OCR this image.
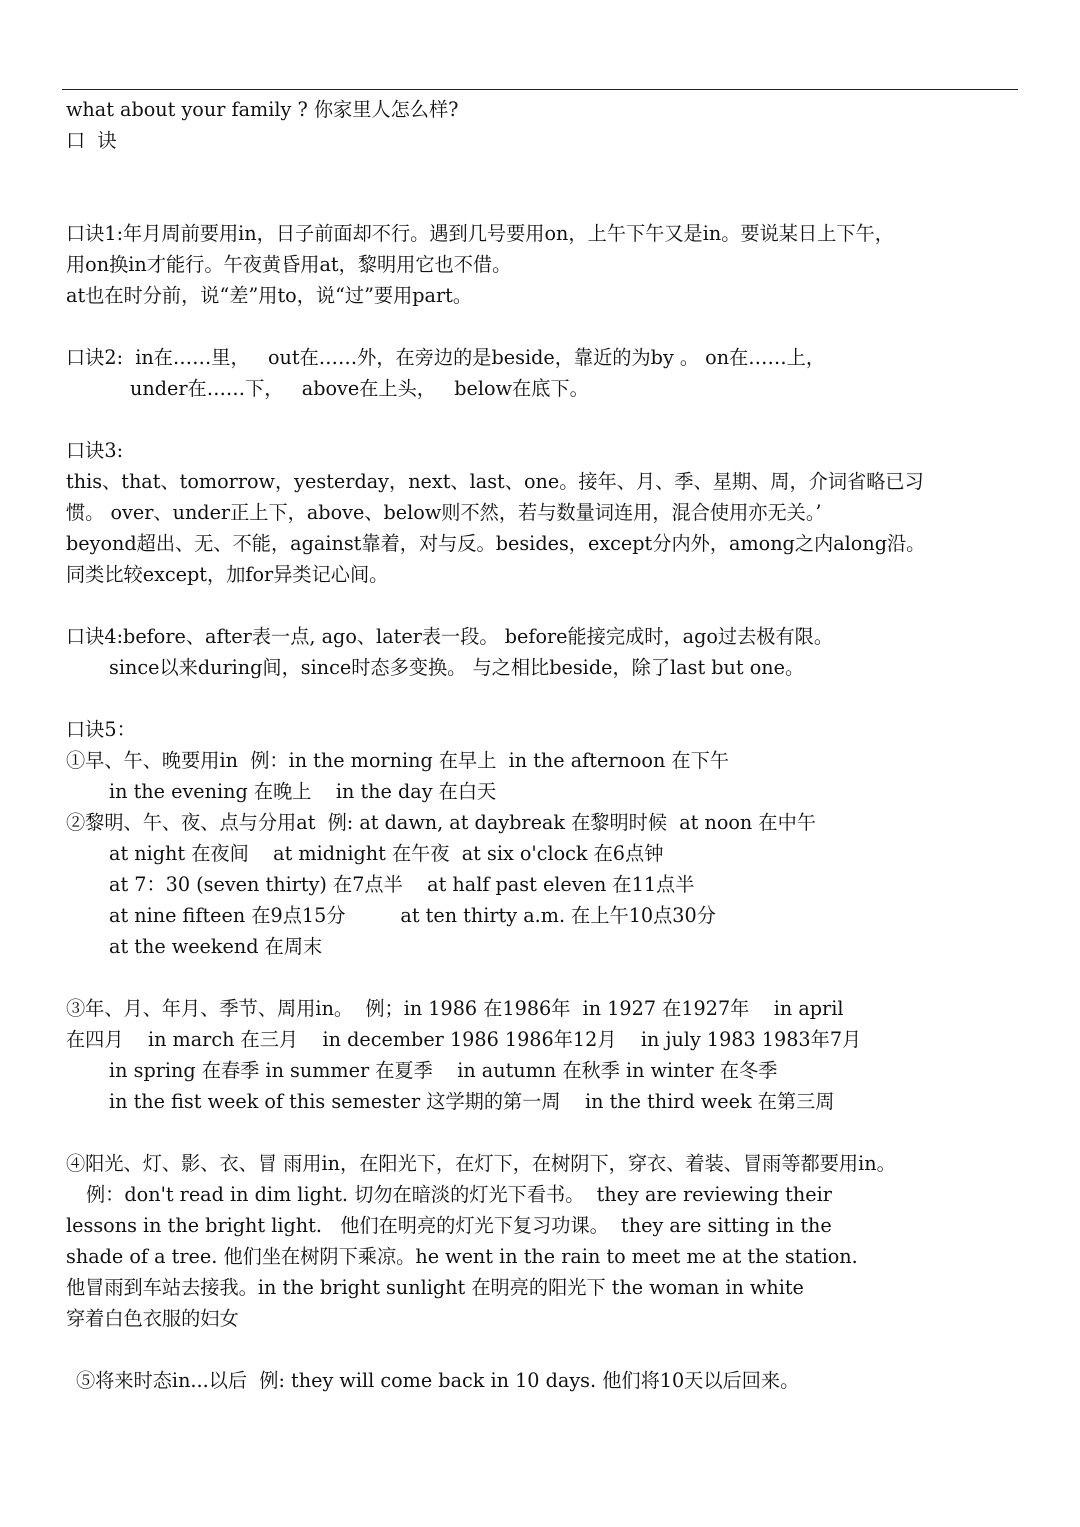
what about your family ? 你家里人怎么样?
口  诀
口诀1:年月周前要用in，日子前面却不行。遇到几号要用on，上午下午又是in。要说某日上下午，
用on换in才能行。午夜黄昏用at，黎明用它也不借。
at也在时分前，说“差”用to，说“过”要用part。
口诀2:  in在……里，   out在……外，在旁边的是beside，靠近的为by 。 on在……上，
under在……下，   above在上头，   below在底下。
口诀3:
this、that、tomorrow，yesterday，next、last、one。接年、月、季、星期、周，介词省略已习
惯。 over、under正上下，above、below则不然，若与数量词连用，混合使用亦无关。’
beyond超出、无、不能，against靠着，对与反。besides，except分内外，among之内along沿。
同类比较except，加for异类记心间。
口诀4:before、after表一点, ago、later表一段。 before能接完成时，ago过去极有限。
since以来during间，since时态多变换。 与之相比beside，除了last but one。
口诀5：
①早、午、晚要用in  例：in the morning 在早上  in the afternoon 在下午
in the evening 在晚上    in the day 在白天
②黎明、午、夜、点与分用at  例: at dawn, at daybreak 在黎明时候  at noon 在中午
at night 在夜间    at midnight 在午夜  at six o'clock 在6点钟
at 7：30 (seven thirty) 在7点半    at half past eleven 在11点半
at nine fifteen 在9点15分         at ten thirty a.m. 在上午10点30分
at the weekend 在周末
③年、月、年月、季节、周用in。  例；in 1986 在1986年  in 1927 在1927年    in april
在四月    in march 在三月    in december 1986 1986年12月    in july 1983 1983年7月
in spring 在春季 in summer 在夏季    in autumn 在秋季 in winter 在冬季
in the fist week of this semester 这学期的第一周    in the third week 在第三周
④阳光、灯、影、衣、冒 雨用in，在阳光下，在灯下，在树阴下，穿衣、着装、冒雨等都要用in。
例：don't read in dim light. 切勿在暗淡的灯光下看书。  they are reviewing their
lessons in the bright light.   他们在明亮的灯光下复习功课。  they are sitting in the
shade of a tree. 他们坐在树阴下乘凉。he went in the rain to meet me at the station.
他冒雨到车站去接我。in the bright sunlight 在明亮的阳光下 the woman in white
穿着白色衣服的妇女
⑤将来时态in...以后  例: they will come back in 10 days. 他们将10天以后回来。
